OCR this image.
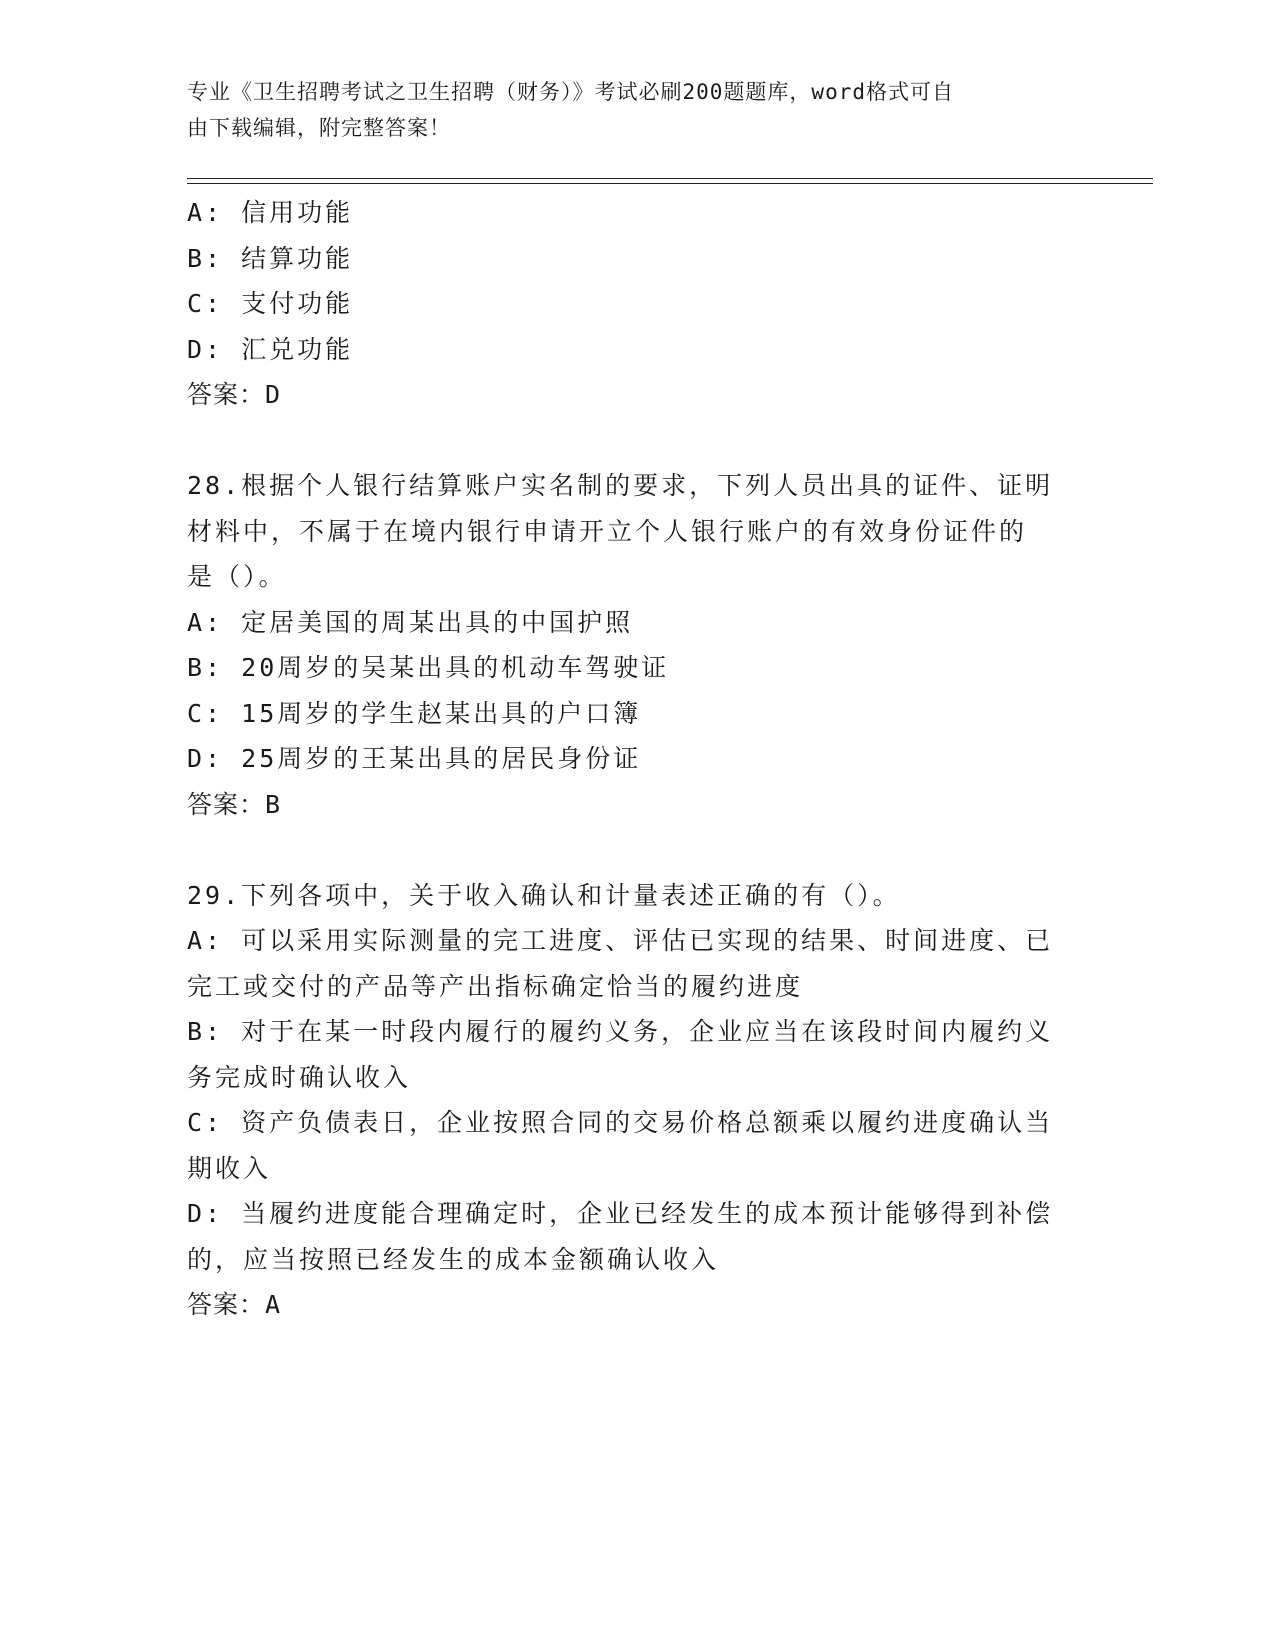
专业《卫生招聘考试之卫生招聘（财务）》考试必刷200题题库，word格式可自
由下载编辑，附完整答案！
A: 信用功能
B: 结算功能
C: 支付功能
D: 汇兑功能
答案：D
28.根据个人银行结算账户实名制的要求，下列人员出具的证件、证明
材料中，不属于在境内银行申请开立个人银行账户的有效身份证件的
是（）。
A: 定居美国的周某出具的中国护照
B: 20周岁的吴某出具的机动车驾驶证
C: 15周岁的学生赵某出具的户口簿
D: 25周岁的王某出具的居民身份证
答案：B
29.下列各项中，关于收入确认和计量表述正确的有（）。
A: 可以采用实际测量的完工进度、评估已实现的结果、时间进度、已
完工或交付的产品等产出指标确定恰当的履约进度
B: 对于在某一时段内履行的履约义务，企业应当在该段时间内履约义
务完成时确认收入
C: 资产负债表日，企业按照合同的交易价格总额乘以履约进度确认当
期收入
D: 当履约进度能合理确定时，企业已经发生的成本预计能够得到补偿
的，应当按照已经发生的成本金额确认收入
答案：A
